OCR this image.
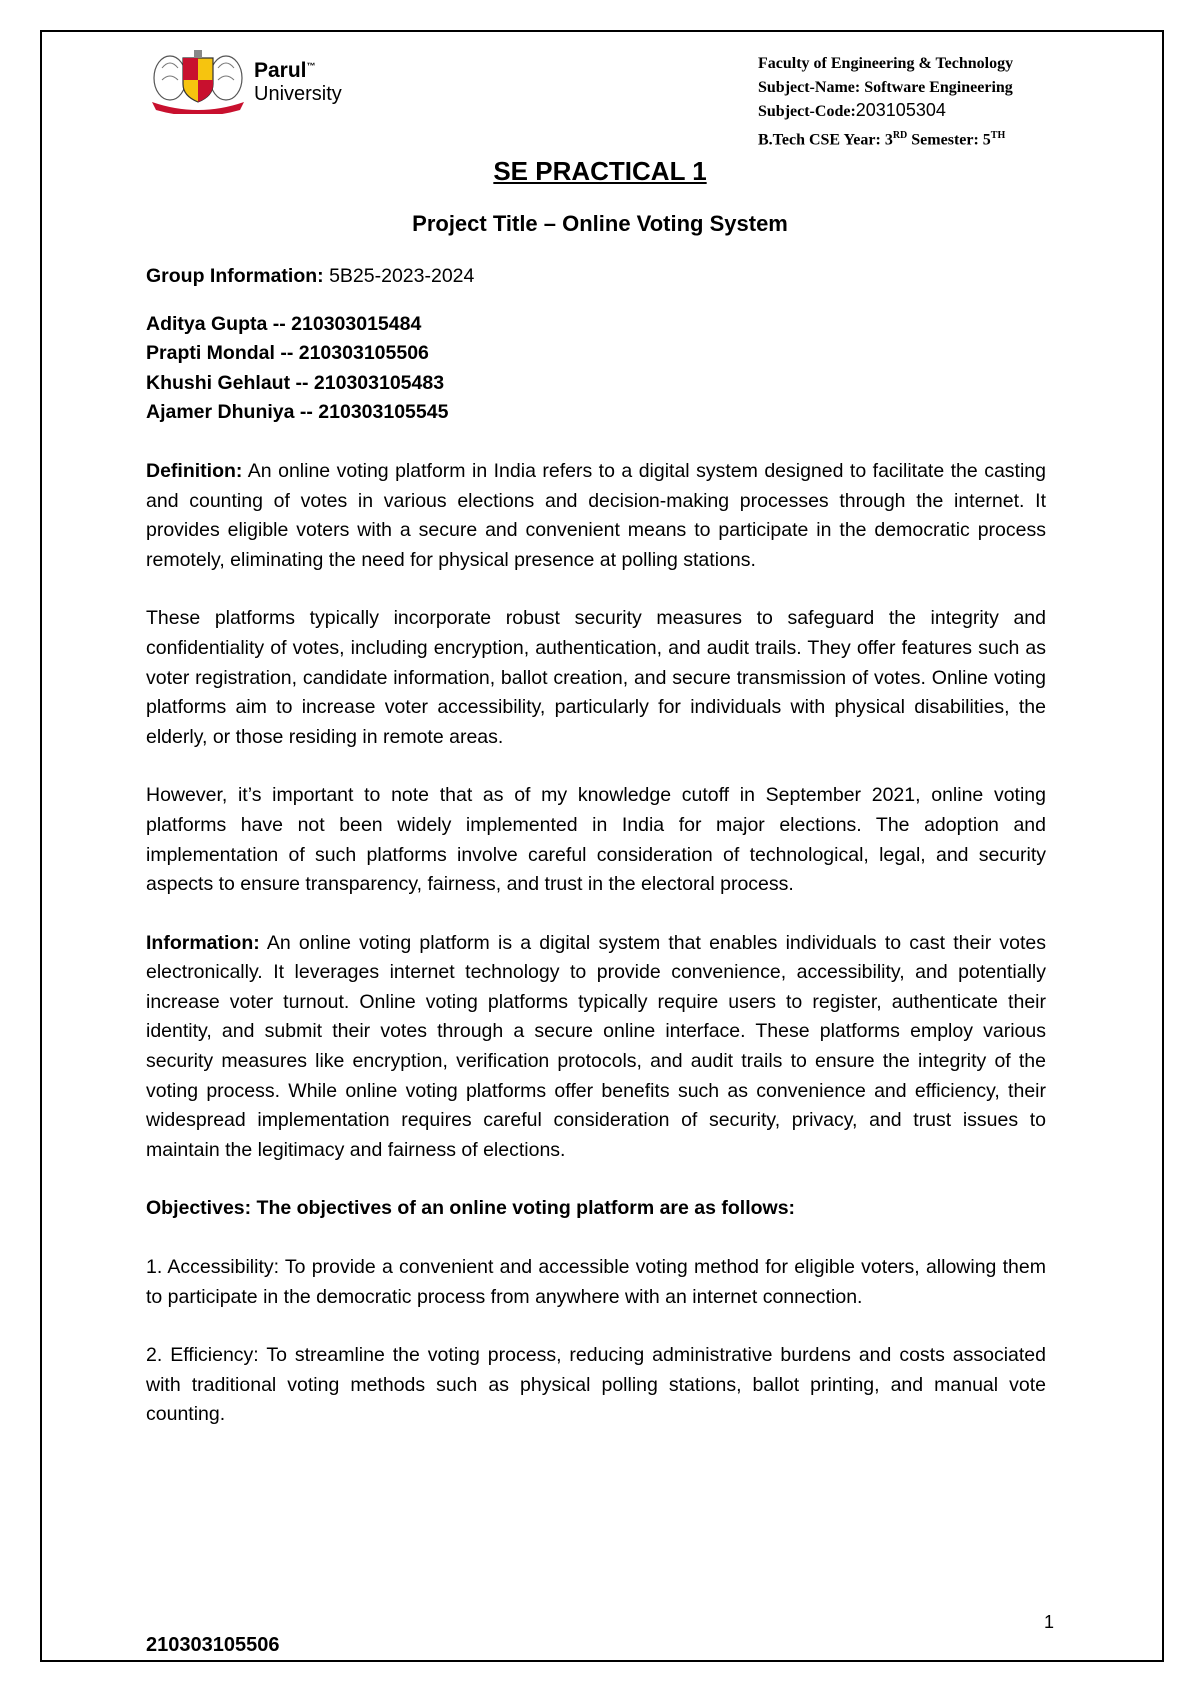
Parul™
University
Faculty of Engineering & Technology
Subject-Name: Software Engineering
Subject-Code:203105304
B.Tech CSE Year: 3RD Semester: 5TH
SE PRACTICAL 1
Project Title – Online Voting System

Group Information: 5B25-2023-2024

Aditya Gupta -- 210303015484

Prapti Mondal -- 210303105506

Khushi Gehlaut -- 210303105483

Ajamer Dhuniya -- 210303105545

Definition: An online voting platform in India refers to a digital system designed to facilitate the casting and counting of votes in various elections and decision-making processes through the internet. It provides eligible voters with a secure and convenient means to participate in the democratic process remotely, eliminating the need for physical presence at polling stations.

These platforms typically incorporate robust security measures to safeguard the integrity and confidentiality of votes, including encryption, authentication, and audit trails. They offer features such as voter registration, candidate information, ballot creation, and secure transmission of votes. Online voting platforms aim to increase voter accessibility, particularly for individuals with physical disabilities, the elderly, or those residing in remote areas.

However, it’s important to note that as of my knowledge cutoff in September 2021, online voting platforms have not been widely implemented in India for major elections. The adoption and implementation of such platforms involve careful consideration of technological, legal, and security aspects to ensure transparency, fairness, and trust in the electoral process.

Information: An online voting platform is a digital system that enables individuals to cast their votes electronically. It leverages internet technology to provide convenience, accessibility, and potentially increase voter turnout. Online voting platforms typically require users to register, authenticate their identity, and submit their votes through a secure online interface. These platforms employ various security measures like encryption, verification protocols, and audit trails to ensure the integrity of the voting process. While online voting platforms offer benefits such as convenience and efficiency, their widespread implementation requires careful consideration of security, privacy, and trust issues to maintain the legitimacy and fairness of elections.

Objectives: The objectives of an online voting platform are as follows:

1. Accessibility: To provide a convenient and accessible voting method for eligible voters, allowing them to participate in the democratic process from anywhere with an internet connection.

2. Efficiency: To streamline the voting process, reducing administrative burdens and costs associated with traditional voting methods such as physical polling stations, ballot printing, and manual vote counting.

1
210303105506
